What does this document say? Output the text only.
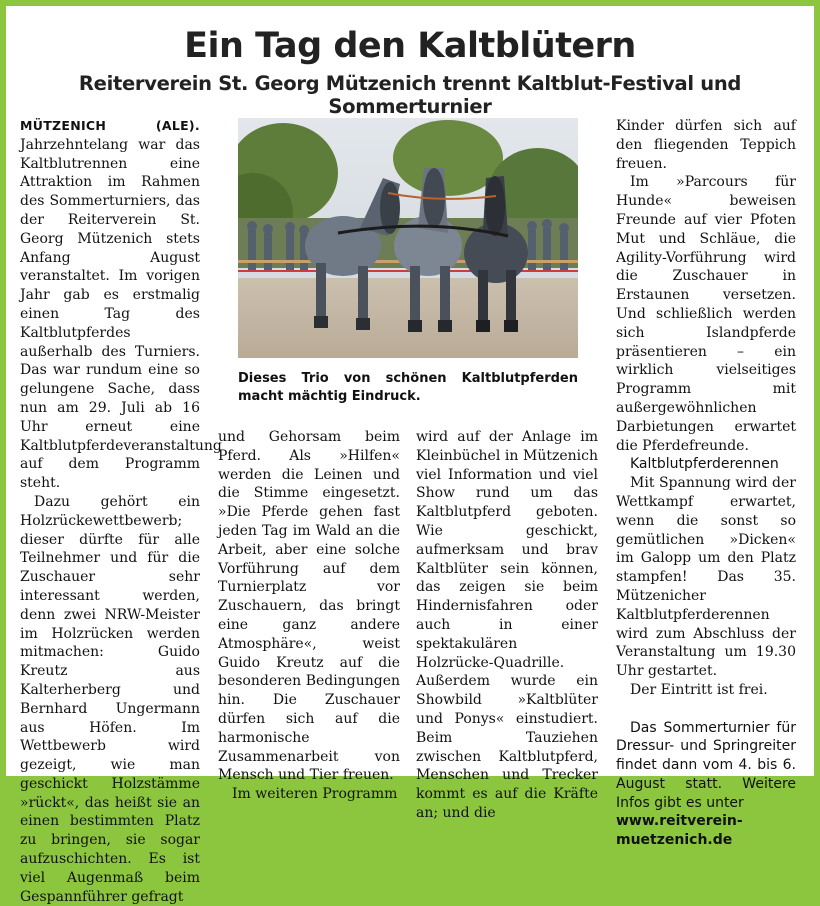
Ein Tag den Kaltblütern
Reiterverein St. Georg Mützenich trennt Kaltblut-Festival und Sommerturnier

MÜTZENICH (ALE). Jahrzehntelang war das Kaltblutrennen eine Attraktion im Rahmen des Sommerturniers, das der Reiterverein St. Georg Mützenich stets Anfang August veranstaltet. Im vorigen Jahr gab es erstmalig einen Tag des Kaltblutpferdes außerhalb des Turniers. Das war rundum eine so gelungene Sache, dass nun am 29. Juli ab 16 Uhr erneut eine Kaltblutpferdeveranstaltung auf dem Programm steht.

Dazu gehört ein Holzrückewettbewerb; dieser dürfte für alle Teilnehmer und für die Zuschauer sehr interessant werden, denn zwei NRW-Meister im Holzrücken werden mitmachen: Guido Kreutz aus Kalterherberg und Bernhard Ungermann aus Höfen. Im Wettbewerb wird gezeigt, wie man geschickt Holzstämme »rückt«, das heißt sie an einen bestimmten Platz zu bringen, sie sogar aufzuschichten. Es ist viel Augenmaß beim Gespannführer gefragt

Dieses Trio von schönen Kaltblutpferden macht mächtig Eindruck.

und Gehorsam beim Pferd. Als »Hilfen« werden die Leinen und die Stimme eingesetzt. »Die Pferde gehen fast jeden Tag im Wald an die Arbeit, aber eine solche Vorführung auf dem Turnierplatz vor Zuschauern, das bringt eine ganz andere Atmosphäre«, weist Guido Kreutz auf die besonderen Bedingungen hin. Die Zuschauer dürfen sich auf die harmonische Zusammenarbeit von Mensch und Tier freuen.

Im weiteren Programm

wird auf der Anlage im Kleinbüchel in Mützenich viel Information und viel Show rund um das Kaltblutpferd geboten. Wie geschickt, aufmerksam und brav Kaltblüter sein können, das zeigen sie beim Hindernisfahren oder auch in einer spektakulären Holzrücke-Quadrille. Außerdem wurde ein Showbild »Kaltblüter und Ponys« einstudiert. Beim Tauziehen zwischen Kaltblutpferd, Menschen und Trecker kommt es auf die Kräfte an; und die

Kinder dürfen sich auf den fliegenden Teppich freuen.

Im »Parcours für Hunde« beweisen Freunde auf vier Pfoten Mut und Schläue, die Agility-Vorführung wird die Zuschauer in Erstaunen versetzen. Und schließlich werden sich Islandpferde präsentieren – ein wirklich vielseitiges Programm mit außergewöhnlichen Darbietungen erwartet die Pferdefreunde.

Kaltblutpferderennen

Mit Spannung wird der Wettkampf erwartet, wenn die sonst so gemütlichen »Dicken« im Galopp um den Platz stampfen! Das 35. Mützenicher Kaltblutpferderennen wird zum Abschluss der Veranstaltung um 19.30 Uhr gestartet.

Der Eintritt ist frei.

Das Sommerturnier für Dressur- und Springreiter findet dann vom 4. bis 6. August statt. Weitere Infos gibt es unter

www.reitverein-muetzenich.de
